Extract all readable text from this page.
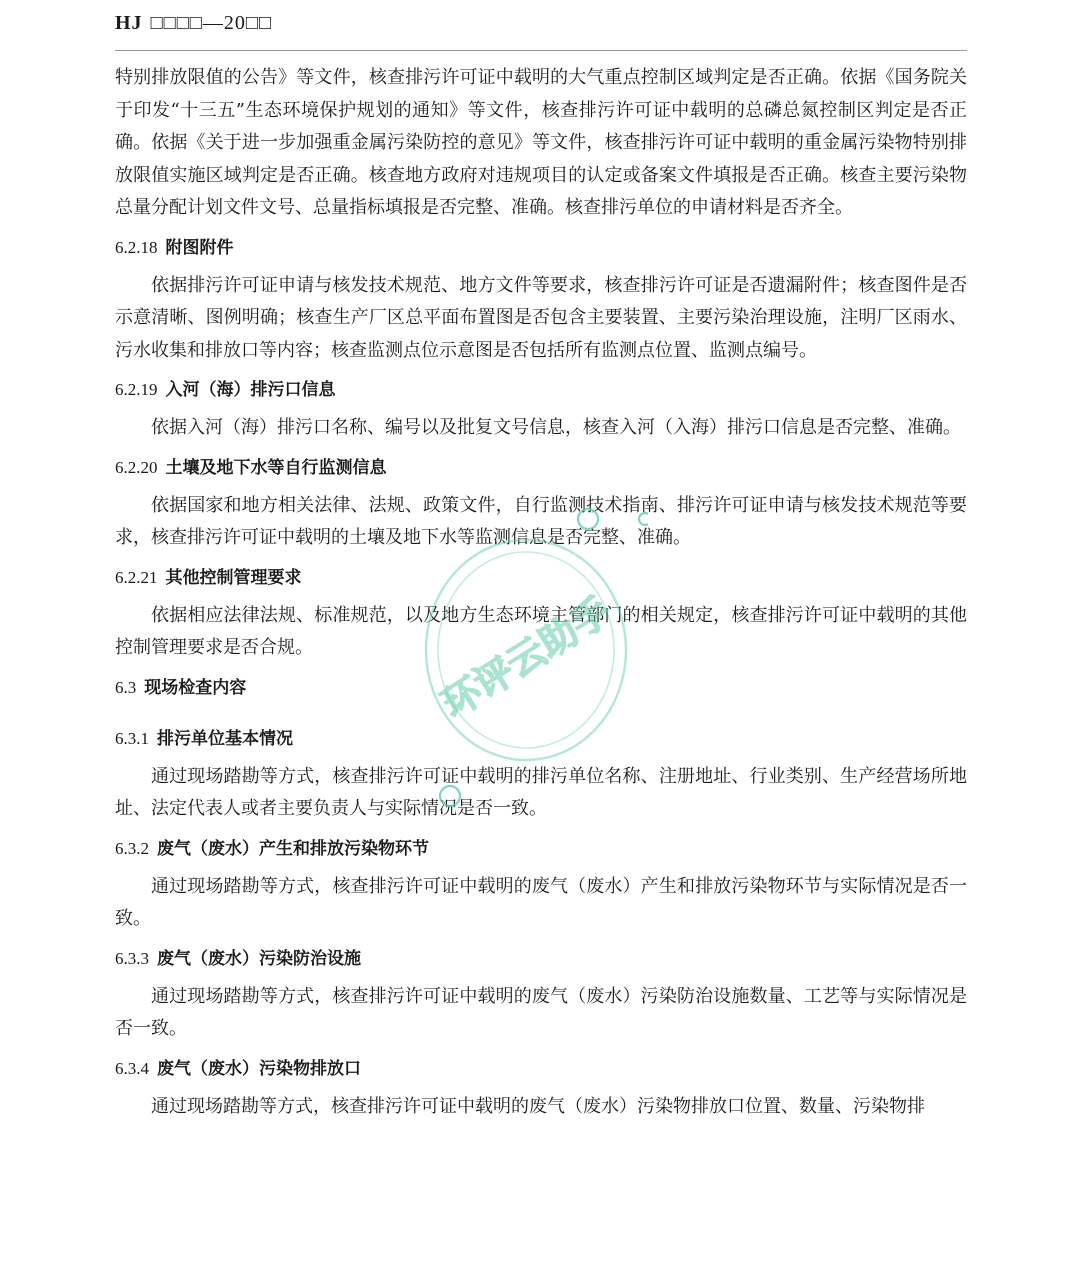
HJ □□□□—20□□

特别排放限值的公告》等文件，核查排污许可证中载明的大气重点控制区域判定是否正确。依据《国务院关于印发“十三五”生态环境保护规划的通知》等文件，核查排污许可证中载明的总磷总氮控制区判定是否正确。依据《关于进一步加强重金属污染防控的意见》等文件，核查排污许可证中载明的重金属污染物特别排放限值实施区域判定是否正确。核查地方政府对违规项目的认定或备案文件填报是否正确。核查主要污染物总量分配计划文件文号、总量指标填报是否完整、准确。核查排污单位的申请材料是否齐全。

6.2.18 附图附件

依据排污许可证申请与核发技术规范、地方文件等要求，核查排污许可证是否遗漏附件；核查图件是否示意清晰、图例明确；核查生产厂区总平面布置图是否包含主要装置、主要污染治理设施，注明厂区雨水、污水收集和排放口等内容；核查监测点位示意图是否包括所有监测点位置、监测点编号。

6.2.19 入河（海）排污口信息

依据入河（海）排污口名称、编号以及批复文号信息，核查入河（入海）排污口信息是否完整、准确。

6.2.20 土壤及地下水等自行监测信息

依据国家和地方相关法律、法规、政策文件，自行监测技术指南、排污许可证申请与核发技术规范等要求，核查排污许可证中载明的土壤及地下水等监测信息是否完整、准确。

6.2.21 其他控制管理要求

依据相应法律法规、标准规范，以及地方生态环境主管部门的相关规定，核查排污许可证中载明的其他控制管理要求是否合规。

6.3 现场检查内容
6.3.1 排污单位基本情况

通过现场踏勘等方式，核查排污许可证中载明的排污单位名称、注册地址、行业类别、生产经营场所地址、法定代表人或者主要负责人与实际情况是否一致。

6.3.2 废气（废水）产生和排放污染物环节

通过现场踏勘等方式，核查排污许可证中载明的废气（废水）产生和排放污染物环节与实际情况是否一致。

6.3.3 废气（废水）污染防治设施

通过现场踏勘等方式，核查排污许可证中载明的废气（废水）污染防治设施数量、工艺等与实际情况是否一致。

6.3.4 废气（废水）污染物排放口

通过现场踏勘等方式，核查排污许可证中载明的废气（废水）污染物排放口位置、数量、污染物排

环评云助手
